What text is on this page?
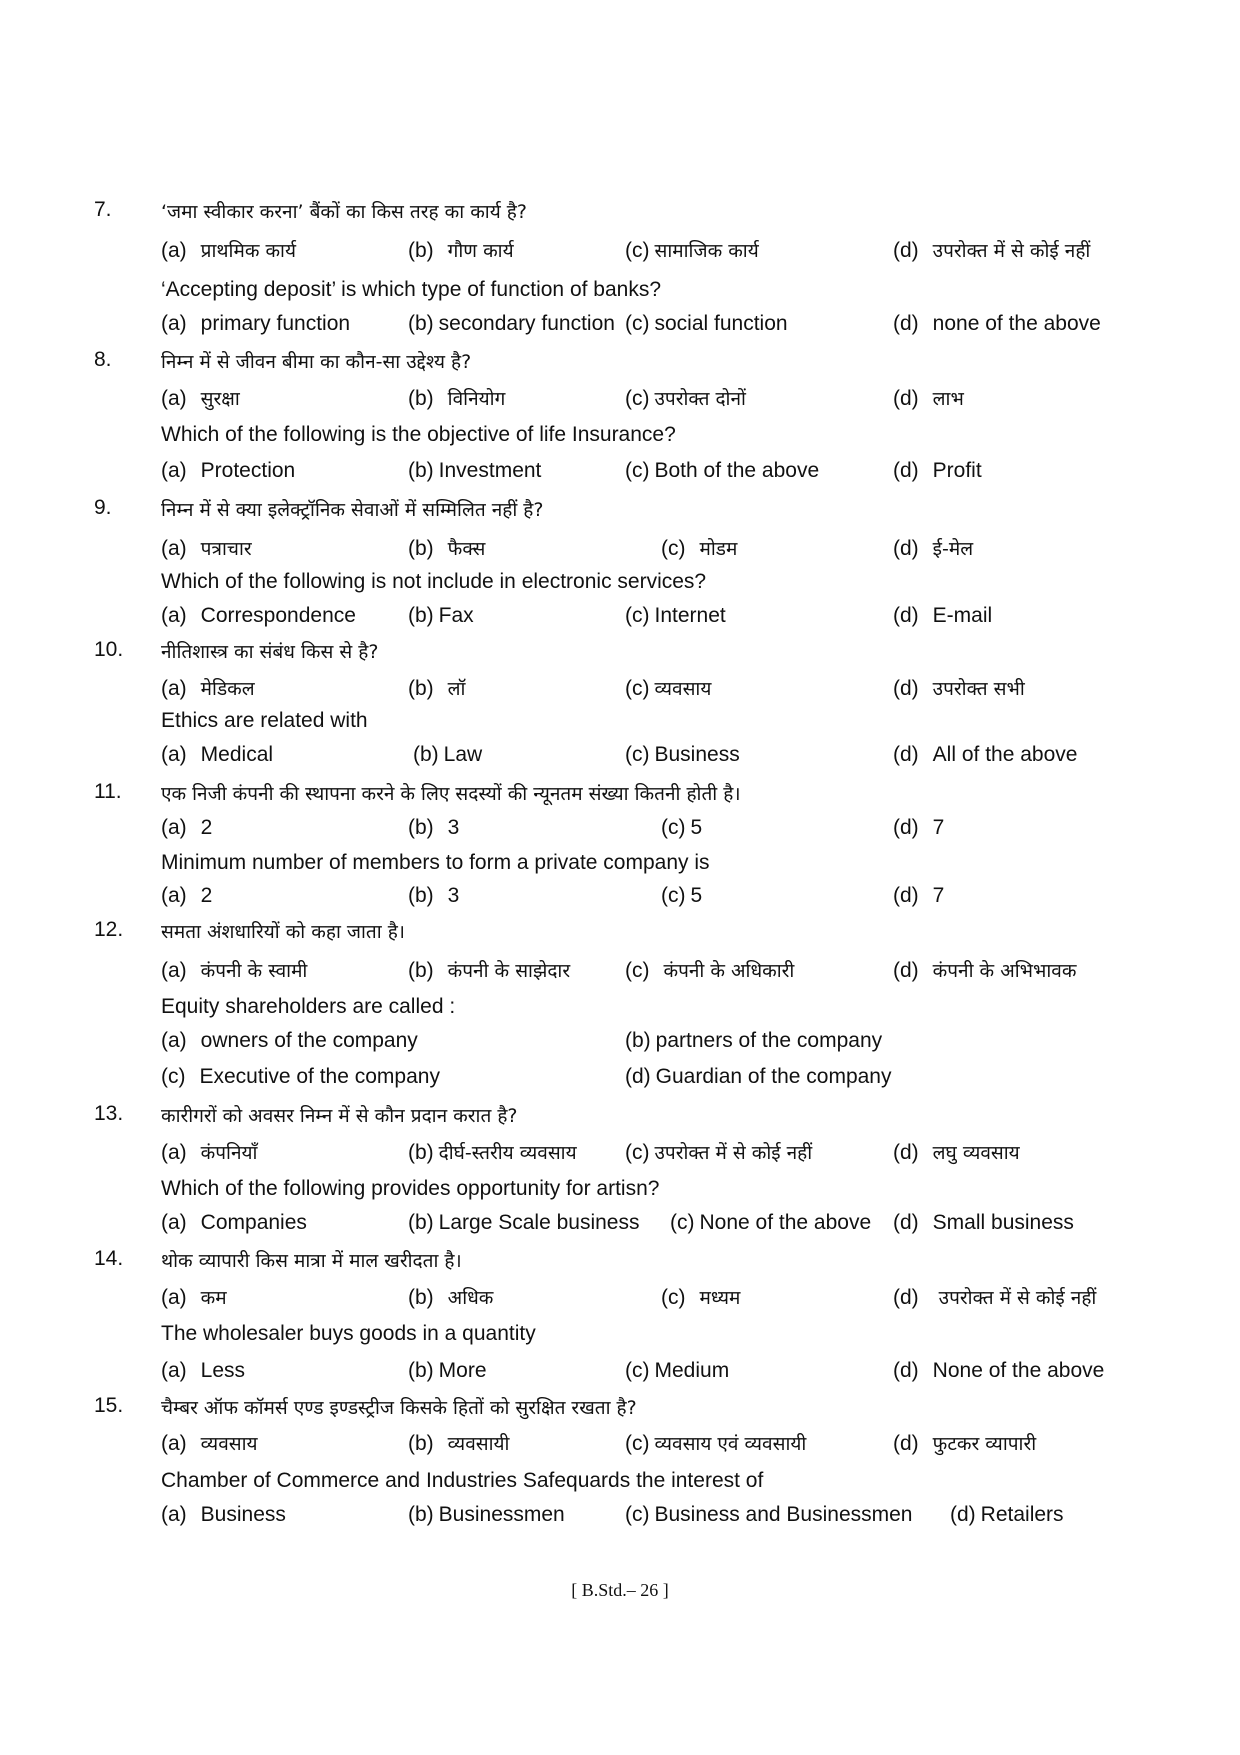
7.	‘जमा स्वीकार करना’ बैंकों का किस तरह का कार्य है?
(a) प्राथमिक कार्य	(b) गौण कार्य	(c) सामाजिक कार्य	(d) उपरोक्त में से कोई नहीं
‘Accepting deposit’ is which type of function of banks?
(a) primary function	(b) secondary function (c) social function	(d) none of the above
8.	निम्न में से जीवन बीमा का कौन-सा उद्देश्य है?
(a) सुरक्षा	(b) विनियोग	(c) उपरोक्त दोनों	(d) लाभ
Which of the following is the objective of life Insurance?
(a) Protection	(b) Investment	(c) Both of the above	(d) Profit
9.	निम्न में से क्या इलेक्ट्रॉनिक सेवाओं में सम्मिलित नहीं है?
(a) पत्राचार	(b) फैक्स	(c) मोडम	(d) ई-मेल
Which of the following is not include in electronic services?
(a) Correspondence (b) Fax	(c) Internet	(d) E-mail
10. नीतिशास्त्र का संबंध किस से है?
(a) मेडिकल	(b) लॉ	(c) व्यवसाय	(d) उपरोक्त सभी
Ethics are related with
(a) Medical	(b) Law	(c) Business	(d) All of the above
11. एक निजी कंपनी की स्थापना करने के लिए सदस्यों की न्यूनतम संख्या कितनी होती है।
(a) 2	(b) 3	(c) 5	(d) 7
Minimum number of members to form a private company is
(a) 2	(b) 3	(c) 5	(d) 7
12. समता अंशधारियों को कहा जाता है।
(a) कंपनी के स्वामी	(b) कंपनी के साझेदार	(c) कंपनी के अधिकारी	(d) कंपनी के अभिभावक
Equity shareholders are called :
(a) owners of the company	(b) partners of the company
(c) Executive of the company	(d) Guardian of the company
13. कारीगरों को अवसर निम्न में से कौन प्रदान करात है?
(a) कंपनियाँ	(b) दीर्घ-स्तरीय व्यवसाय (c) उपरोक्त में से कोई नहीं	(d) लघु व्यवसाय
Which of the following provides opportunity for artisn?
(a) Companies	(b) Large Scale business (c) None of the above (d) Small business
14. थोक व्यापारी किस मात्रा में माल खरीदता है।
(a) कम	(b) अधिक	(c) मध्यम	(d) उपरोक्त में से कोई नहीं
The wholesaler buys goods in a quantity
(a) Less	(b) More	(c) Medium	(d) None of the above
15. चैम्बर ऑफ कॉमर्स एण्ड इण्डस्ट्रीज किसके हितों को सुरक्षित रखता है?
(a) व्यवसाय	(b) व्यवसायी	(c) व्यवसाय एवं व्यवसायी	(d) फुटकर व्यापारी
Chamber of Commerce and Industries Safequards the interest of
(a) Business	(b) Businessmen	(c) Business and Businessmen (d) Retailers
[ B.Std.– 26 ]
